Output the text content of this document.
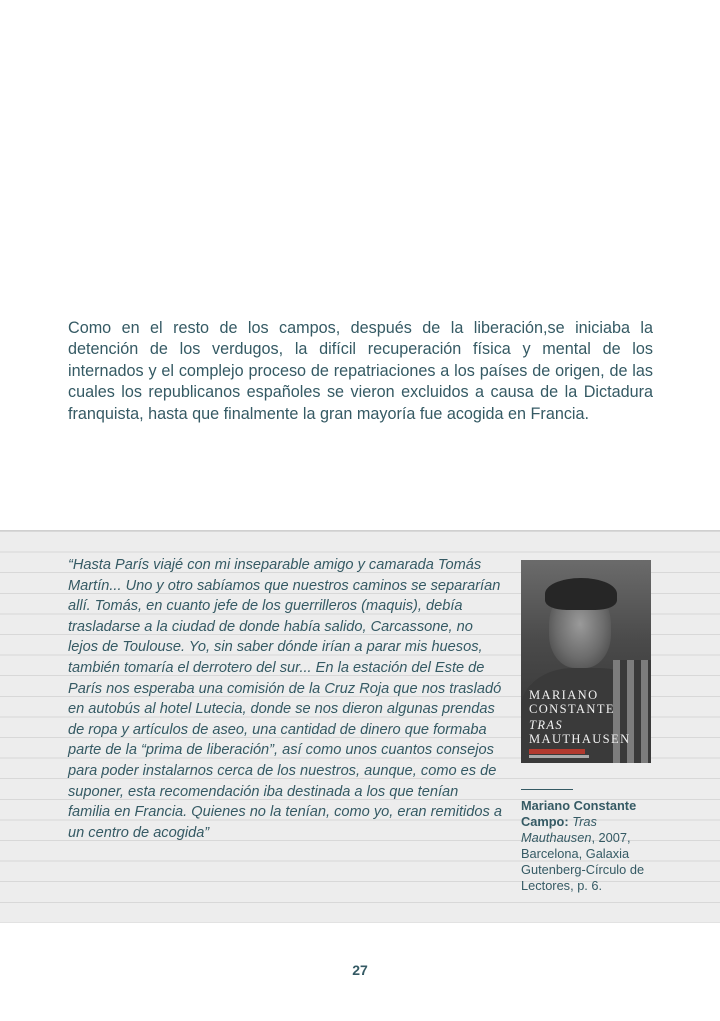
Como en el resto de los campos, después de la liberación,se iniciaba la detención de los verdugos, la difícil recuperación física y mental de los internados y el complejo proceso de repatriaciones a los países de origen, de las cuales los republicanos españoles se vieron excluidos a causa de la Dictadura franquista, hasta que finalmente la gran mayoría fue acogida en Francia.

“Hasta París viajé con mi inseparable amigo y camarada Tomás Martín... Uno y otro sabíamos que nuestros caminos se separarían allí. Tomás, en cuanto jefe de los guerrilleros (maquis), debía trasladarse a la ciudad de donde había salido, Carcassone, no lejos de Toulouse. Yo, sin saber dónde irían a parar mis huesos, también tomaría el derrotero del sur... En la estación del Este de París nos esperaba una comisión de la Cruz Roja que nos trasladó en autobús al hotel Lutecia, donde se nos dieron algunas prendas de ropa y artículos de aseo, una cantidad de dinero que formaba parte de la “prima de liberación”, así como unos cuantos consejos para poder instalarnos cerca de los nuestros, aunque, como es de suponer, esta recomendación iba destinada a los que tenían familia en Francia. Quienes no la tenían, como yo, eran remitidos a un centro de acogida”

MARIANO
CONSTANTE

TRAS
MAUTHAUSEN

Mariano Constante Campo: Tras Mauthausen, 2007, Barcelona, Galaxia Gutenberg-Círculo de Lectores, p. 6.

27
